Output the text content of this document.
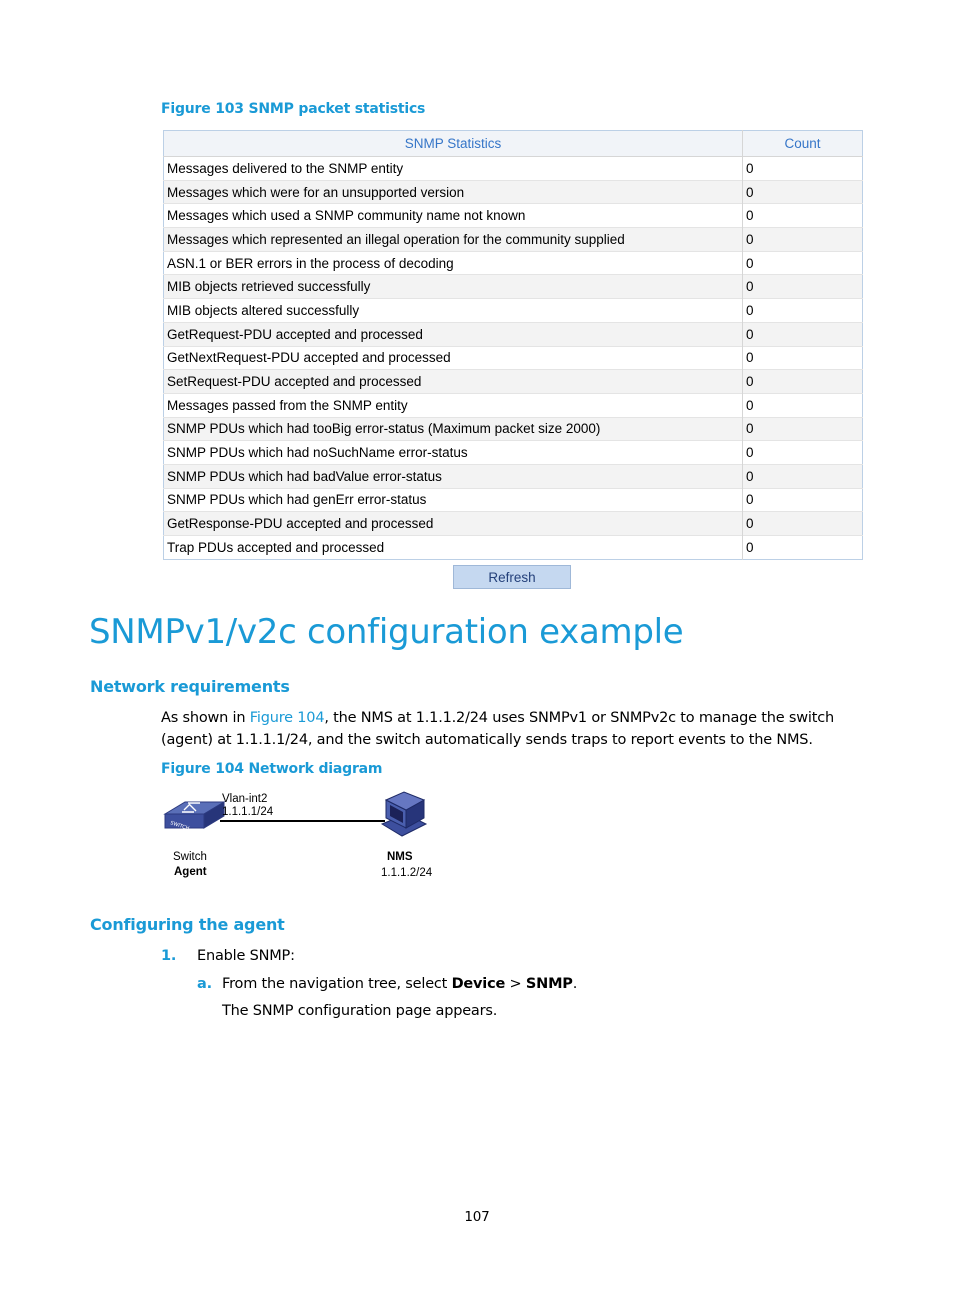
Figure 103 SNMP packet statistics
SNMP Statistics	Count
Messages delivered to the SNMP entity	0
Messages which were for an unsupported version	0
Messages which used a SNMP community name not known	0
Messages which represented an illegal operation for the community supplied	0
ASN.1 or BER errors in the process of decoding	0
MIB objects retrieved successfully	0
MIB objects altered successfully	0
GetRequest-PDU accepted and processed	0
GetNextRequest-PDU accepted and processed	0
SetRequest-PDU accepted and processed	0
Messages passed from the SNMP entity	0
SNMP PDUs which had tooBig error-status (Maximum packet size 2000)	0
SNMP PDUs which had noSuchName error-status	0
SNMP PDUs which had badValue error-status	0
SNMP PDUs which had genErr error-status	0
GetResponse-PDU accepted and processed	0
Trap PDUs accepted and processed	0
Refresh
SNMPv1/v2c configuration example
Network requirements
As shown in Figure 104, the NMS at 1.1.1.2/24 uses SNMPv1 or SNMPv2c to manage the switch (agent) at 1.1.1.1/24, and the switch automatically sends traps to report events to the NMS.
Figure 104 Network diagram
SWITCH
Vlan-int2
1.1.1.1/24
Switch
Agent
NMS
1.1.1.2/24
Configuring the agent
1. Enable SNMP:
a. From the navigation tree, select Device > SNMP.
The SNMP configuration page appears.
107
